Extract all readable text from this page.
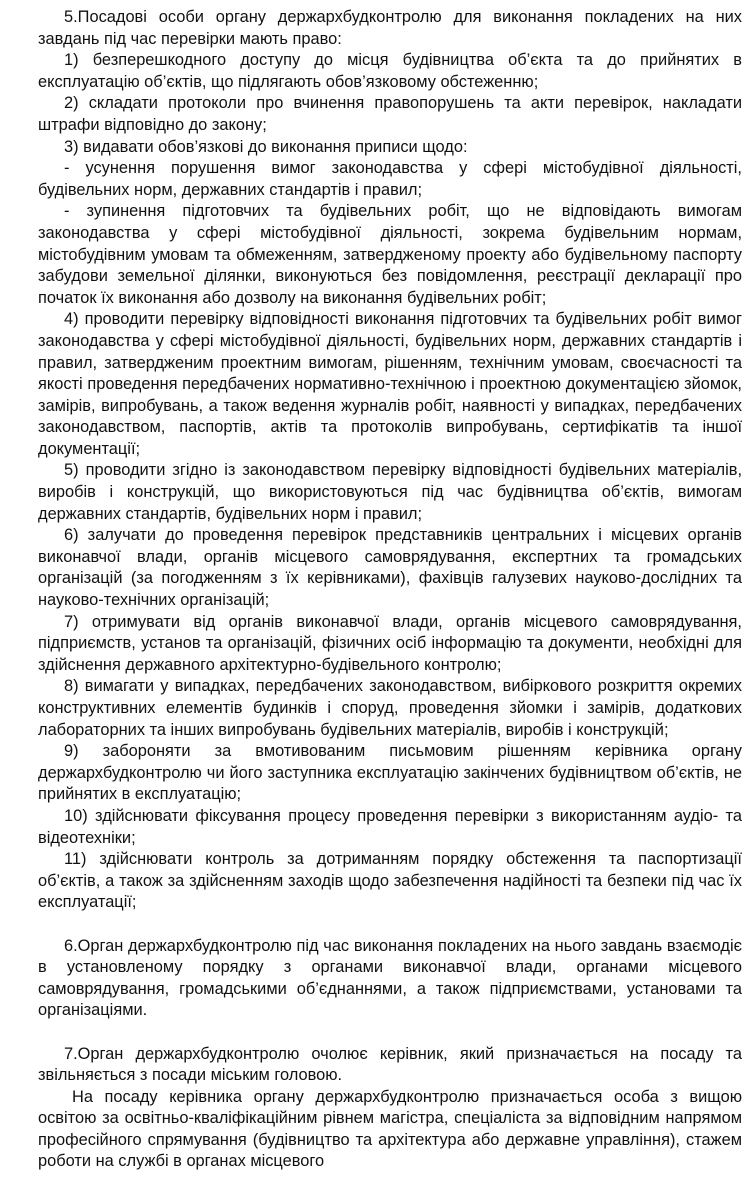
5.Посадові особи органу держархбудконтролю для виконання покладених на них завдань під час перевірки мають право:

1) безперешкодного доступу до місця будівництва об’єкта та до прийнятих в експлуатацію об’єктів, що підлягають обов’язковому обстеженню;

2) складати протоколи про вчинення правопорушень та акти перевірок, накладати штрафи відповідно до закону;

3) видавати обов’язкові до виконання приписи щодо:

- усунення порушення вимог законодавства у сфері містобудівної діяльності, будівельних норм, державних стандартів і правил;

- зупинення підготовчих та будівельних робіт, що не відповідають вимогам законодавства у сфері містобудівної діяльності, зокрема будівельним нормам, містобудівним умовам та обмеженням, затвердженому проекту або будівельному паспорту забудови земельної ділянки, виконуються без повідомлення, реєстрації декларації про початок їх виконання або дозволу на виконання будівельних робіт;

4) проводити перевірку відповідності виконання підготовчих та будівельних робіт вимог законодавства у сфері містобудівної діяльності, будівельних норм, державних стандартів і правил, затвердженим проектним вимогам, рішенням, технічним умовам, своєчасності та якості проведення передбачених нормативно-технічною і проектною документацією зйомок, замірів, випробувань, а також ведення журналів робіт, наявності у випадках, передбачених законодавством, паспортів, актів та протоколів випробувань, сертифікатів та іншої документації;

5) проводити згідно із законодавством перевірку відповідності будівельних матеріалів, виробів і конструкцій, що використовуються під час будівництва об’єктів, вимогам державних стандартів, будівельних норм і правил;

6) залучати до проведення перевірок представників центральних і місцевих органів виконавчої влади, органів місцевого самоврядування, експертних та громадських організацій (за погодженням з їх керівниками), фахівців галузевих науково-дослідних та науково-технічних організацій;

7) отримувати від органів виконавчої влади, органів місцевого самоврядування, підприємств, установ та організацій, фізичних осіб інформацію та документи, необхідні для здійснення державного архітектурно-будівельного контролю;

8) вимагати у випадках, передбачених законодавством, вибіркового розкриття окремих конструктивних елементів будинків і споруд, проведення зйомки і замірів, додаткових лабораторних та інших випробувань будівельних матеріалів, виробів і конструкцій;

9) забороняти за вмотивованим письмовим рішенням керівника органу держархбудконтролю чи його заступника експлуатацію закінчених будівництвом об’єктів, не прийнятих в експлуатацію;

10) здійснювати фіксування процесу проведення перевірки з використанням аудіо- та відеотехніки;

11) здійснювати контроль за дотриманням порядку обстеження та паспортизації об’єктів, а також за здійсненням заходів щодо забезпечення надійності та безпеки під час їх експлуатації;

6.Орган держархбудконтролю під час виконання покладених на нього завдань взаємодіє в установленому порядку з органами виконавчої влади, органами місцевого самоврядування, громадськими об’єднаннями, а також підприємствами, установами та організаціями.

7.Орган держархбудконтролю очолює керівник, який призначається на посаду та звільняється з посади міським головою.

На посаду керівника органу держархбудконтролю призначається особа з вищою освітою за освітньо-кваліфікаційним рівнем магістра, спеціаліста за відповідним напрямом професійного спрямування (будівництво та архітектура або державне управління), стажем роботи на службі в органах місцевого
